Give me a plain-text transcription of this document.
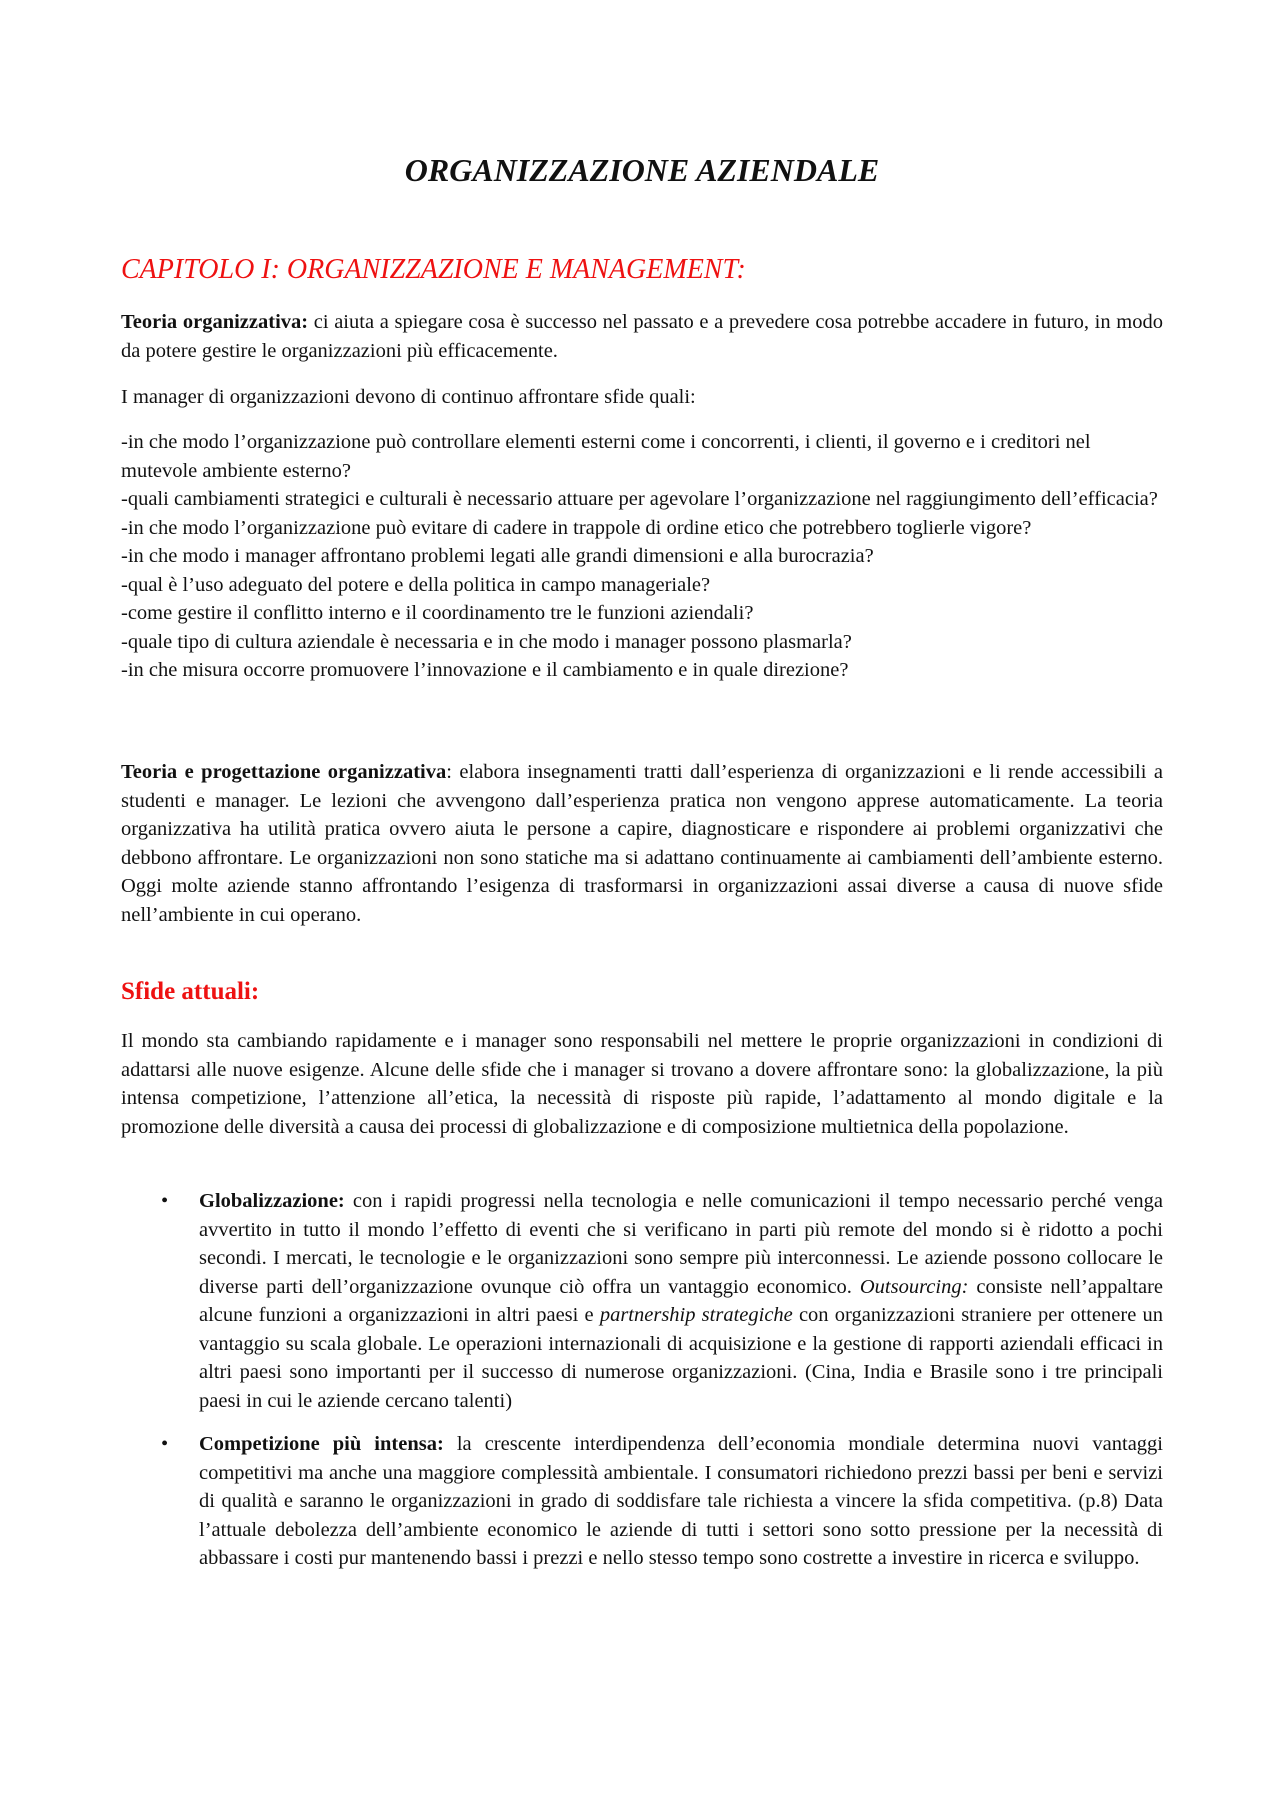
ORGANIZZAZIONE AZIENDALE
CAPITOLO I: ORGANIZZAZIONE E MANAGEMENT:

Teoria organizzativa: ci aiuta a spiegare cosa è successo nel passato e a prevedere cosa potrebbe accadere in futuro, in modo da potere gestire le organizzazioni più efficacemente.

I manager di organizzazioni devono di continuo affrontare sfide quali:

-in che modo l’organizzazione può controllare elementi esterni come i concorrenti, i clienti, il governo e i creditori nel mutevole ambiente esterno?
-quali cambiamenti strategici e culturali è necessario attuare per agevolare l’organizzazione nel raggiungimento dell’efficacia?
-in che modo l’organizzazione può evitare di cadere in trappole di ordine etico che potrebbero toglierle vigore?
-in che modo i manager affrontano problemi legati alle grandi dimensioni e alla burocrazia?
-qual è l’uso adeguato del potere e della politica in campo manageriale?
-come gestire il conflitto interno e il coordinamento tre le funzioni aziendali?
-quale tipo di cultura aziendale è necessaria e in che modo i manager possono plasmarla?
-in che misura occorre promuovere l’innovazione e il cambiamento e in quale direzione?

Teoria e progettazione organizzativa: elabora insegnamenti tratti dall’esperienza di organizzazioni e li rende accessibili a studenti e manager. Le lezioni che avvengono dall’esperienza pratica non vengono apprese automaticamente. La teoria organizzativa ha utilità pratica ovvero aiuta le persone a capire, diagnosticare e rispondere ai problemi organizzativi che debbono affrontare. Le organizzazioni non sono statiche ma si adattano continuamente ai cambiamenti dell’ambiente esterno. Oggi molte aziende stanno affrontando l’esigenza di trasformarsi in organizzazioni assai diverse a causa di nuove sfide nell’ambiente in cui operano.

Sfide attuali:

Il mondo sta cambiando rapidamente e i manager sono responsabili nel mettere le proprie organizzazioni in condizioni di adattarsi alle nuove esigenze. Alcune delle sfide che i manager si trovano a dovere affrontare sono: la globalizzazione, la più intensa competizione, l’attenzione all’etica, la necessità di risposte più rapide, l’adattamento al mondo digitale e la promozione delle diversità a causa dei processi di globalizzazione e di composizione multietnica della popolazione.

• Globalizzazione: con i rapidi progressi nella tecnologia e nelle comunicazioni il tempo necessario perché venga avvertito in tutto il mondo l’effetto di eventi che si verificano in parti più remote del mondo si è ridotto a pochi secondi. I mercati, le tecnologie e le organizzazioni sono sempre più interconnessi. Le aziende possono collocare le diverse parti dell’organizzazione ovunque ciò offra un vantaggio economico. Outsourcing: consiste nell’appaltare alcune funzioni a organizzazioni in altri paesi e partnership strategiche con organizzazioni straniere per ottenere un vantaggio su scala globale. Le operazioni internazionali di acquisizione e la gestione di rapporti aziendali efficaci in altri paesi sono importanti per il successo di numerose organizzazioni. (Cina, India e Brasile sono i tre principali paesi in cui le aziende cercano talenti)
• Competizione più intensa: la crescente interdipendenza dell’economia mondiale determina nuovi vantaggi competitivi ma anche una maggiore complessità ambientale. I consumatori richiedono prezzi bassi per beni e servizi di qualità e saranno le organizzazioni in grado di soddisfare tale richiesta a vincere la sfida competitiva. (p.8) Data l’attuale debolezza dell’ambiente economico le aziende di tutti i settori sono sotto pressione per la necessità di abbassare i costi pur mantenendo bassi i prezzi e nello stesso tempo sono costrette a investire in ricerca e sviluppo.
